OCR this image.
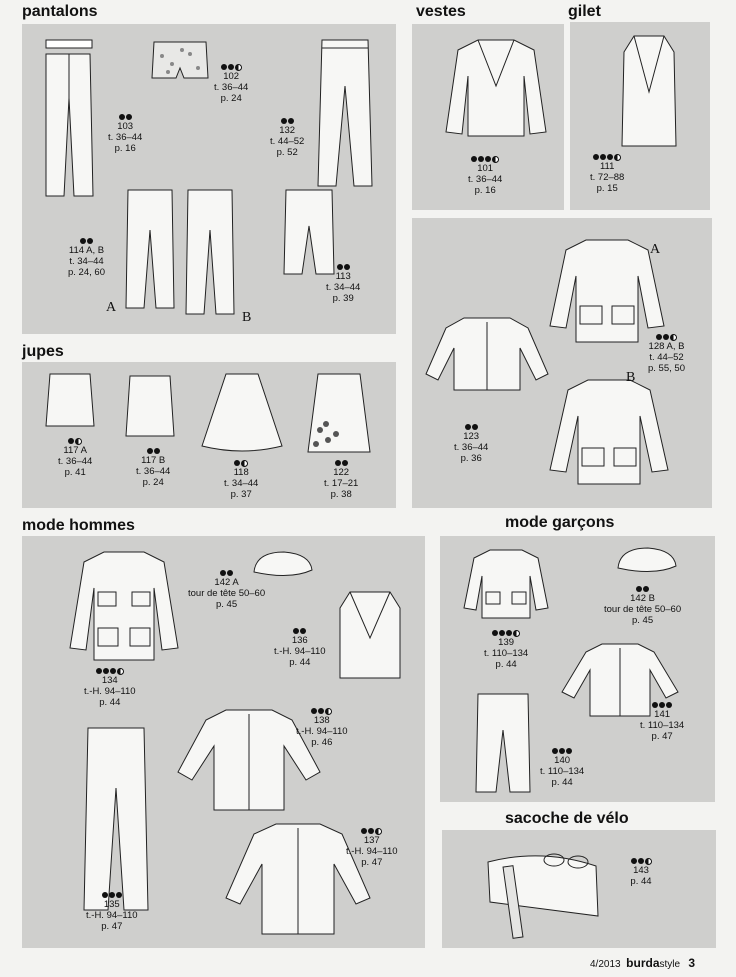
pantalons	vestes	gilet
jupes
mode hommes	mode garçons
sacoche de vélo
102
t. 36–44
p. 24
103
t. 36–44
p. 16
132
t. 44–52
p. 52
114 A, B
t. 34–44
p. 24, 60	113
t. 34–44
p. 39
A
B
101
t. 36–44
p. 16
111
t. 72–88
p. 15
A
B
128 A, B
t. 44–52
p. 55, 50
123
t. 36–44
p. 36
117 A
t. 36–44
p. 41
117 B
t. 36–44
p. 24
118
t. 34–44
p. 37
122
t. 17–21
p. 38
142 A
tour de tête 50–60
p. 45
134
t.-H. 94–110
p. 44
136
t.-H. 94–110
p. 44
138
t.-H. 94–110
p. 46
135
t.-H. 94–110
p. 47
137
t.-H. 94–110
p. 47
139
t. 110–134
p. 44
142 B
tour de tête 50–60
p. 45
141
t. 110–134
p. 47
140
t. 110–134
p. 44
143
p. 44
4/2013 burdastyle 3
